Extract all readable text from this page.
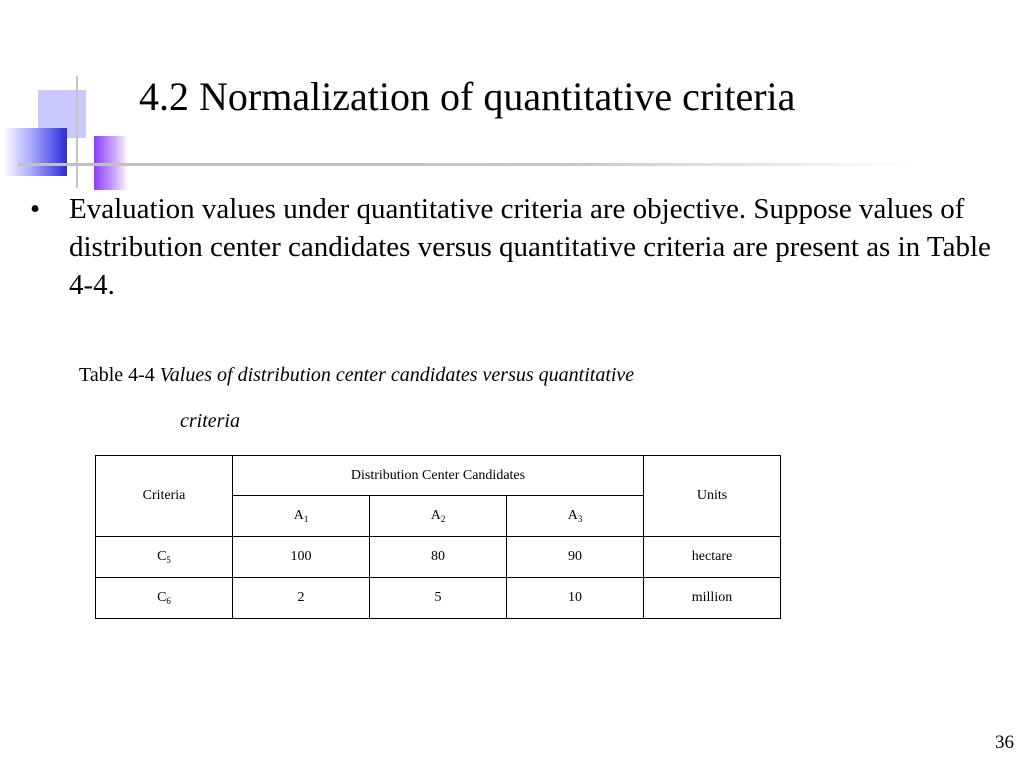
4.2 Normalization of quantitative criteria
• Evaluation values under quantitative criteria are objective. Suppose values of distribution center candidates versus quantitative criteria are present as in Table 4-4.
Table 4-4 Values of distribution center candidates versus quantitative
criteria
Criteria	Distribution Center Candidates			Units
	$A_1$	$A_2$	$A_3$
$C_5$	100	80	90	hectare
$C_6$	2	5	10	million
36
